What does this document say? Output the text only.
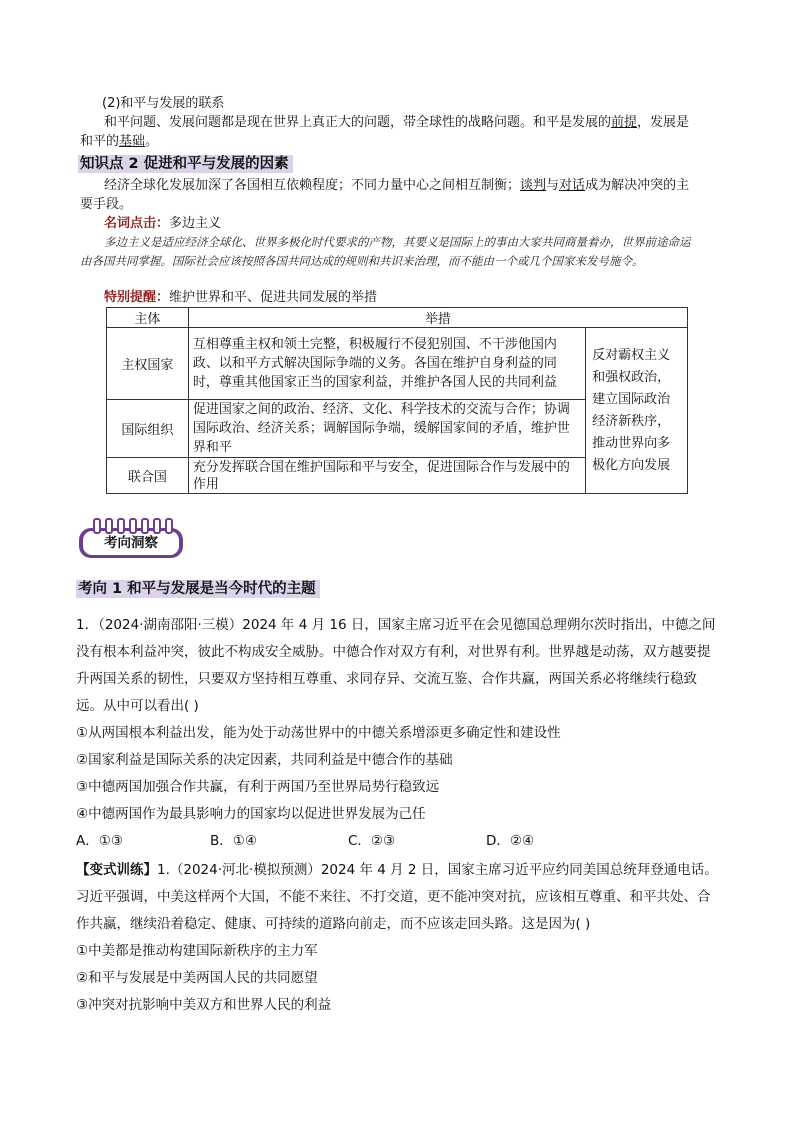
(2)和平与发展的联系
和平问题、发展问题都是现在世界上真正大的问题，带全球性的战略问题。和平是发展的前提，发展是和平的基础。
知识点 2 促进和平与发展的因素
经济全球化发展加深了各国相互依赖程度；不同力量中心之间相互制衡；谈判与对话成为解决冲突的主要手段。
名词点击：多边主义
多边主义是适应经济全球化、世界多极化时代要求的产物，其要义是国际上的事由大家共同商量着办，世界前途命运由各国共同掌握。国际社会应该按照各国共同达成的规则和共识来治理，而不能由一个或几个国家来发号施令。
特别提醒：维护世界和平、促进共同发展的举措
主体	举措	
主权国家	互相尊重主权和领土完整，积极履行不侵犯别国、不干涉他国内政、以和平方式解决国际争端的义务。各国在维护自身利益的同时，尊重其他国家正当的国家利益，并维护各国人民的共同利益	反对霸权主义和强权政治，建立国际政治经济新秩序，推动世界向多极化方向发展
国际组织	促进国家之间的政治、经济、文化、科学技术的交流与合作；协调国际政治、经济关系；调解国际争端，缓解国家间的矛盾，维护世界和平	
联合国	充分发挥联合国在维护国际和平与安全，促进国际合作与发展中的作用	
考向洞察
考向 1 和平与发展是当今时代的主题
1．（2024·湖南邵阳·三模）2024 年 4 月 16 日，国家主席习近平在会见德国总理朔尔茨时指出，中德之间没有根本利益冲突，彼此不构成安全威胁。中德合作对双方有利，对世界有利。世界越是动荡，双方越要提升两国关系的韧性，只要双方坚持相互尊重、求同存异、交流互鉴、合作共赢，两国关系必将继续行稳致远。从中可以看出( )
①从两国根本利益出发，能为处于动荡世界中的中德关系增添更多确定性和建设性
②国家利益是国际关系的决定因素，共同利益是中德合作的基础
③中德两国加强合作共赢，有利于两国乃至世界局势行稳致远
④中德两国作为最具影响力的国家均以促进世界发展为己任
A．①③	B．①④	C．②③	D．②④
【变式训练】1.（2024·河北·模拟预测）2024 年 4 月 2 日，国家主席习近平应约同美国总统拜登通电话。习近平强调，中美这样两个大国，不能不来往、不打交道，更不能冲突对抗，应该相互尊重、和平共处、合作共赢，继续沿着稳定、健康、可持续的道路向前走，而不应该走回头路。这是因为( )
①中美都是推动构建国际新秩序的主力军
②和平与发展是中美两国人民的共同愿望
③冲突对抗影响中美双方和世界人民的利益
